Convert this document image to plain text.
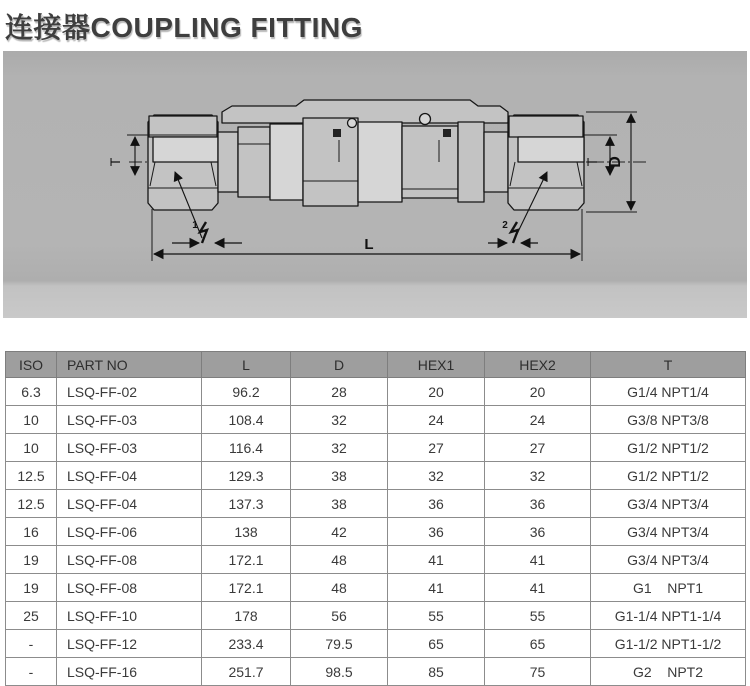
连接器COUPLING FITTING
T	T D
L
1	2
ISO	PART NO	L	D	HEX1	HEX2	T
6.3	LSQ-FF-02	96.2	28	20	20	G1/4 NPT1/4
10	LSQ-FF-03	108.4	32	24	24	G3/8 NPT3/8
10	LSQ-FF-03	116.4	32	27	27	G1/2 NPT1/2
12.5	LSQ-FF-04	129.3	38	32	32	G1/2 NPT1/2
12.5	LSQ-FF-04	137.3	38	36	36	G3/4 NPT3/4
16	LSQ-FF-06	138	42	36	36	G3/4 NPT3/4
19	LSQ-FF-08	172.1	48	41	41	G3/4 NPT3/4
19	LSQ-FF-08	172.1	48	41	41	G1    NPT1
25	LSQ-FF-10	178	56	55	55	G1-1/4 NPT1-1/4
-	LSQ-FF-12	233.4	79.5	65	65	G1-1/2 NPT1-1/2
-	LSQ-FF-16	251.7	98.5	85	75	G2    NPT2
